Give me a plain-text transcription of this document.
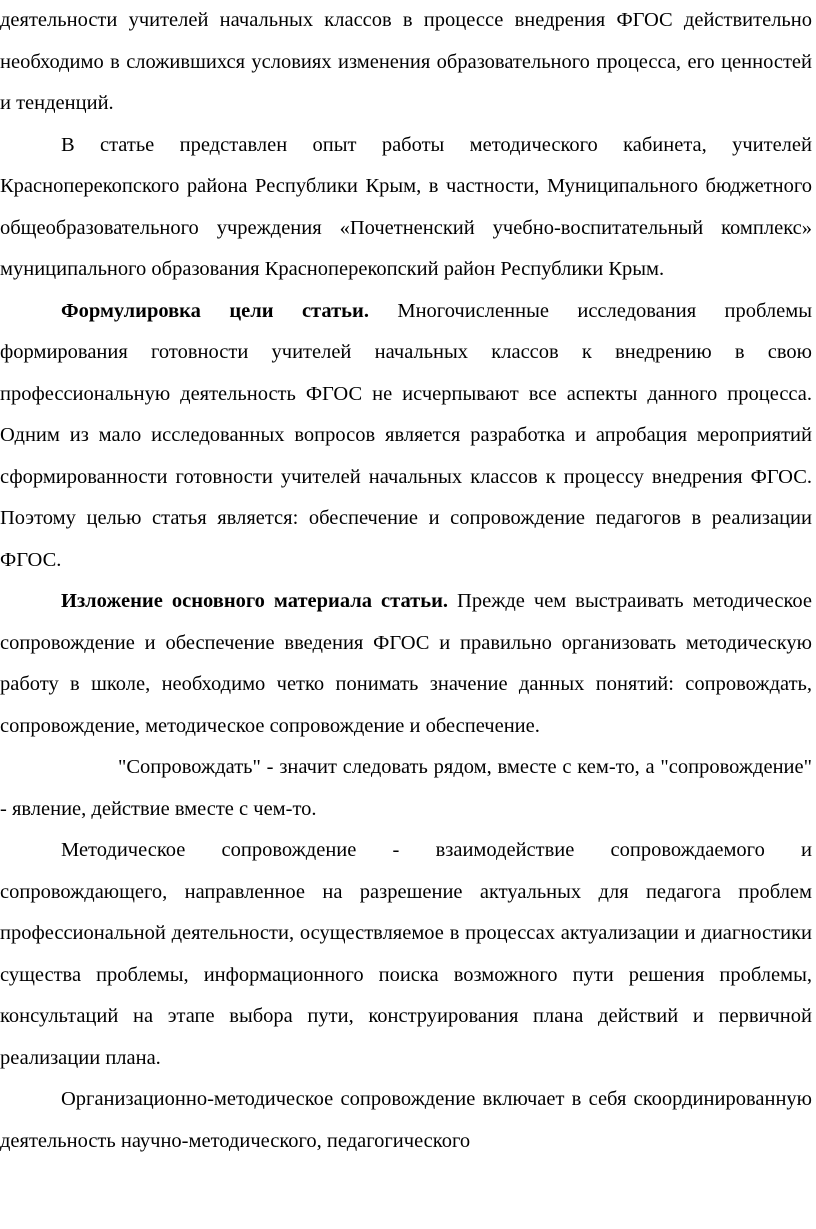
деятельности учителей начальных классов в процессе внедрения ФГОС действительно необходимо в сложившихся условиях изменения образовательного процесса, его ценностей и тенденций.

В статье представлен опыт работы методического кабинета, учителей Красноперекопского района Республики Крым, в частности, Муниципального бюджетного общеобразовательного учреждения «Почетненский учебно-воспитательный комплекс» муниципального образования Красноперекопский район Республики Крым.

Формулировка цели статьи. Многочисленные исследования проблемы формирования готовности учителей начальных классов к внедрению в свою профессиональную деятельность ФГОС не исчерпывают все аспекты данного процесса. Одним из мало исследованных вопросов является разработка и апробация мероприятий сформированности готовности учителей начальных классов к процессу внедрения ФГОС. Поэтому целью статья является: обеспечение и сопровождение педагогов в реализации ФГОС.

Изложение основного материала статьи. Прежде чем выстраивать методическое сопровождение и обеспечение введения ФГОС и правильно организовать методическую работу в школе, необходимо четко понимать значение данных понятий: сопровождать, сопровождение, методическое сопровождение и обеспечение.

"Сопровождать" - значит следовать рядом, вместе с кем-то, а "сопровождение" - явление, действие вместе с чем-то.

Методическое сопровождение - взаимодействие сопровождаемого и сопровождающего, направленное на разрешение актуальных для педагога проблем профессиональной деятельности, осуществляемое в процессах актуализации и диагностики существа проблемы, информационного поиска возможного пути решения проблемы, консультаций на этапе выбора пути, конструирования плана действий и первичной реализации плана.

Организационно-методическое сопровождение включает в себя скоординированную деятельность научно-методического, педагогического
